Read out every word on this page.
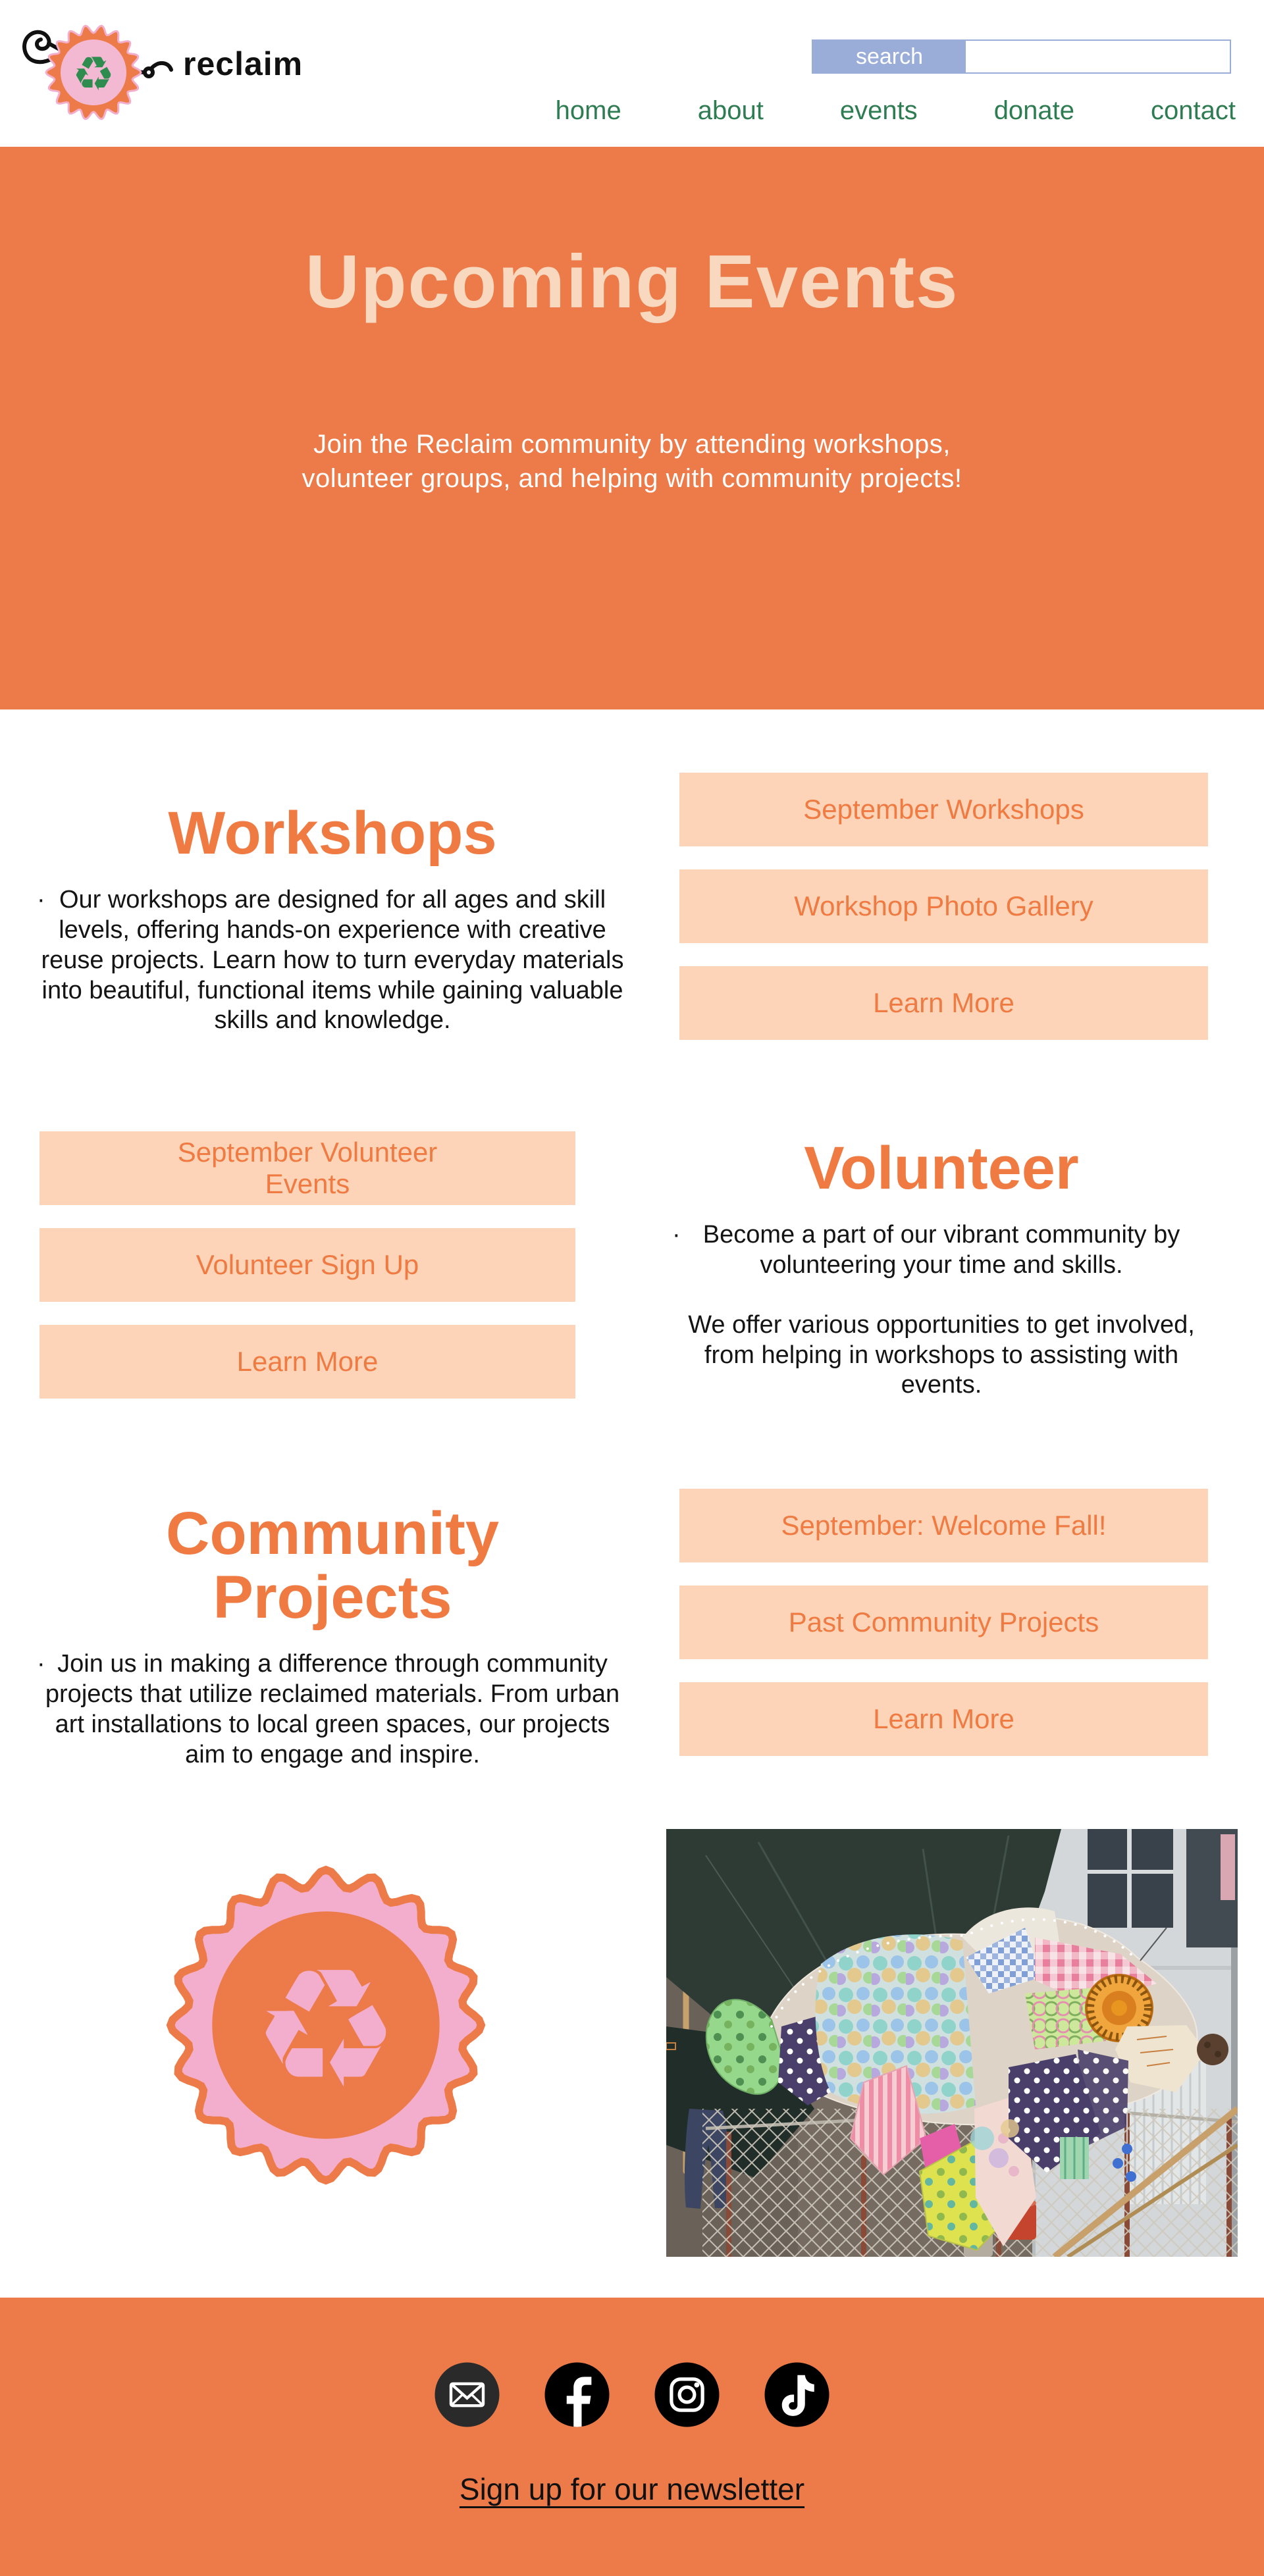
♻ reclaim	search
home	about	events	donate	contact
Upcoming Events

Join the Reclaim community by attending workshops,
volunteer groups, and helping with community projects!

Workshops

· Our workshops are designed for all ages and skill levels, offering hands-on experience with creative reuse projects. Learn how to turn everyday materials into beautiful, functional items while gaining valuable skills and knowledge.

September Workshops
Workshop Photo Gallery
Learn More
September Volunteer Events
Volunteer Sign Up
Learn More
Volunteer

· Become a part of our vibrant community by volunteering your time and skills.

We offer various opportunities to get involved, from helping in workshops to assisting with events.

Community
Projects

· Join us in making a difference through community projects that utilize reclaimed materials. From urban art installations to local green spaces, our projects aim to engage and inspire.

September: Welcome Fall!
Past Community Projects
Learn More
♻
Sign up for our newsletter
